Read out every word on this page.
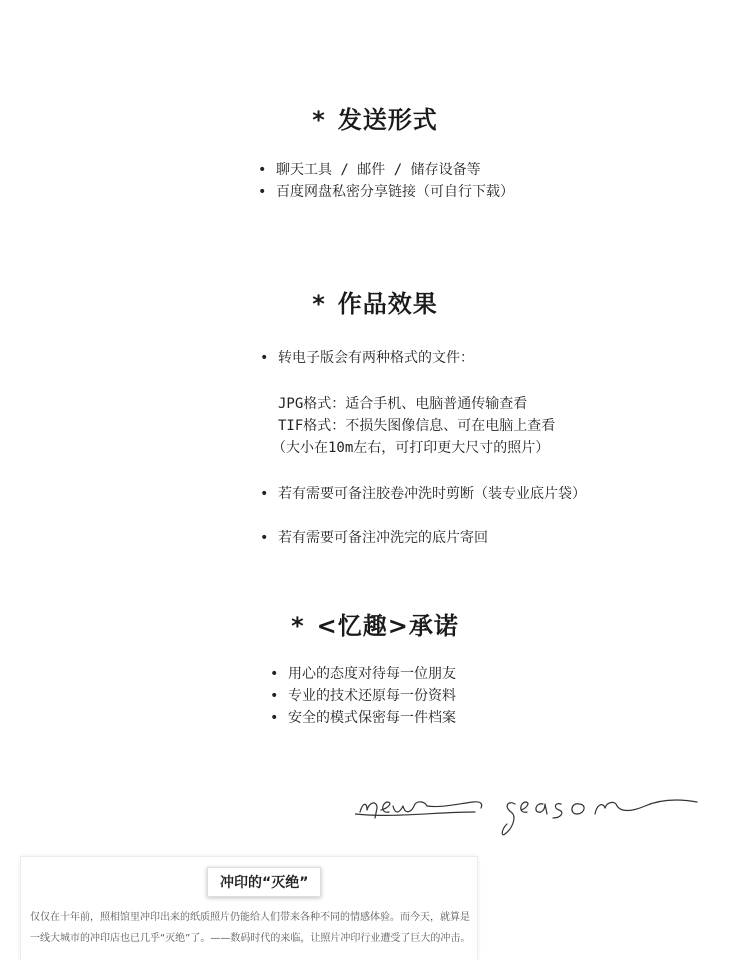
* 发送形式
• 聊天工具 / 邮件 / 储存设备等
• 百度网盘私密分享链接（可自行下载）
* 作品效果
• 转电子版会有两种格式的文件：
JPG格式：适合手机、电脑普通传输查看
TIF格式：不损失图像信息、可在电脑上查看
（大小在10m左右，可打印更大尺寸的照片）
• 若有需要可备注胶卷冲洗时剪断（装专业底片袋）
• 若有需要可备注冲洗完的底片寄回
* <忆趣>承诺
• 用心的态度对待每一位朋友
• 专业的技术还原每一份资料
• 安全的模式保密每一件档案
冲印的“灭绝”
仅仅在十年前，照相馆里冲印出来的纸质照片仍能给人们带来各种不同的情感体验。而今天，就算是一线大城市的冲印店也已几乎“灭绝”了。——数码时代的来临，让照片冲印行业遭受了巨大的冲击。
